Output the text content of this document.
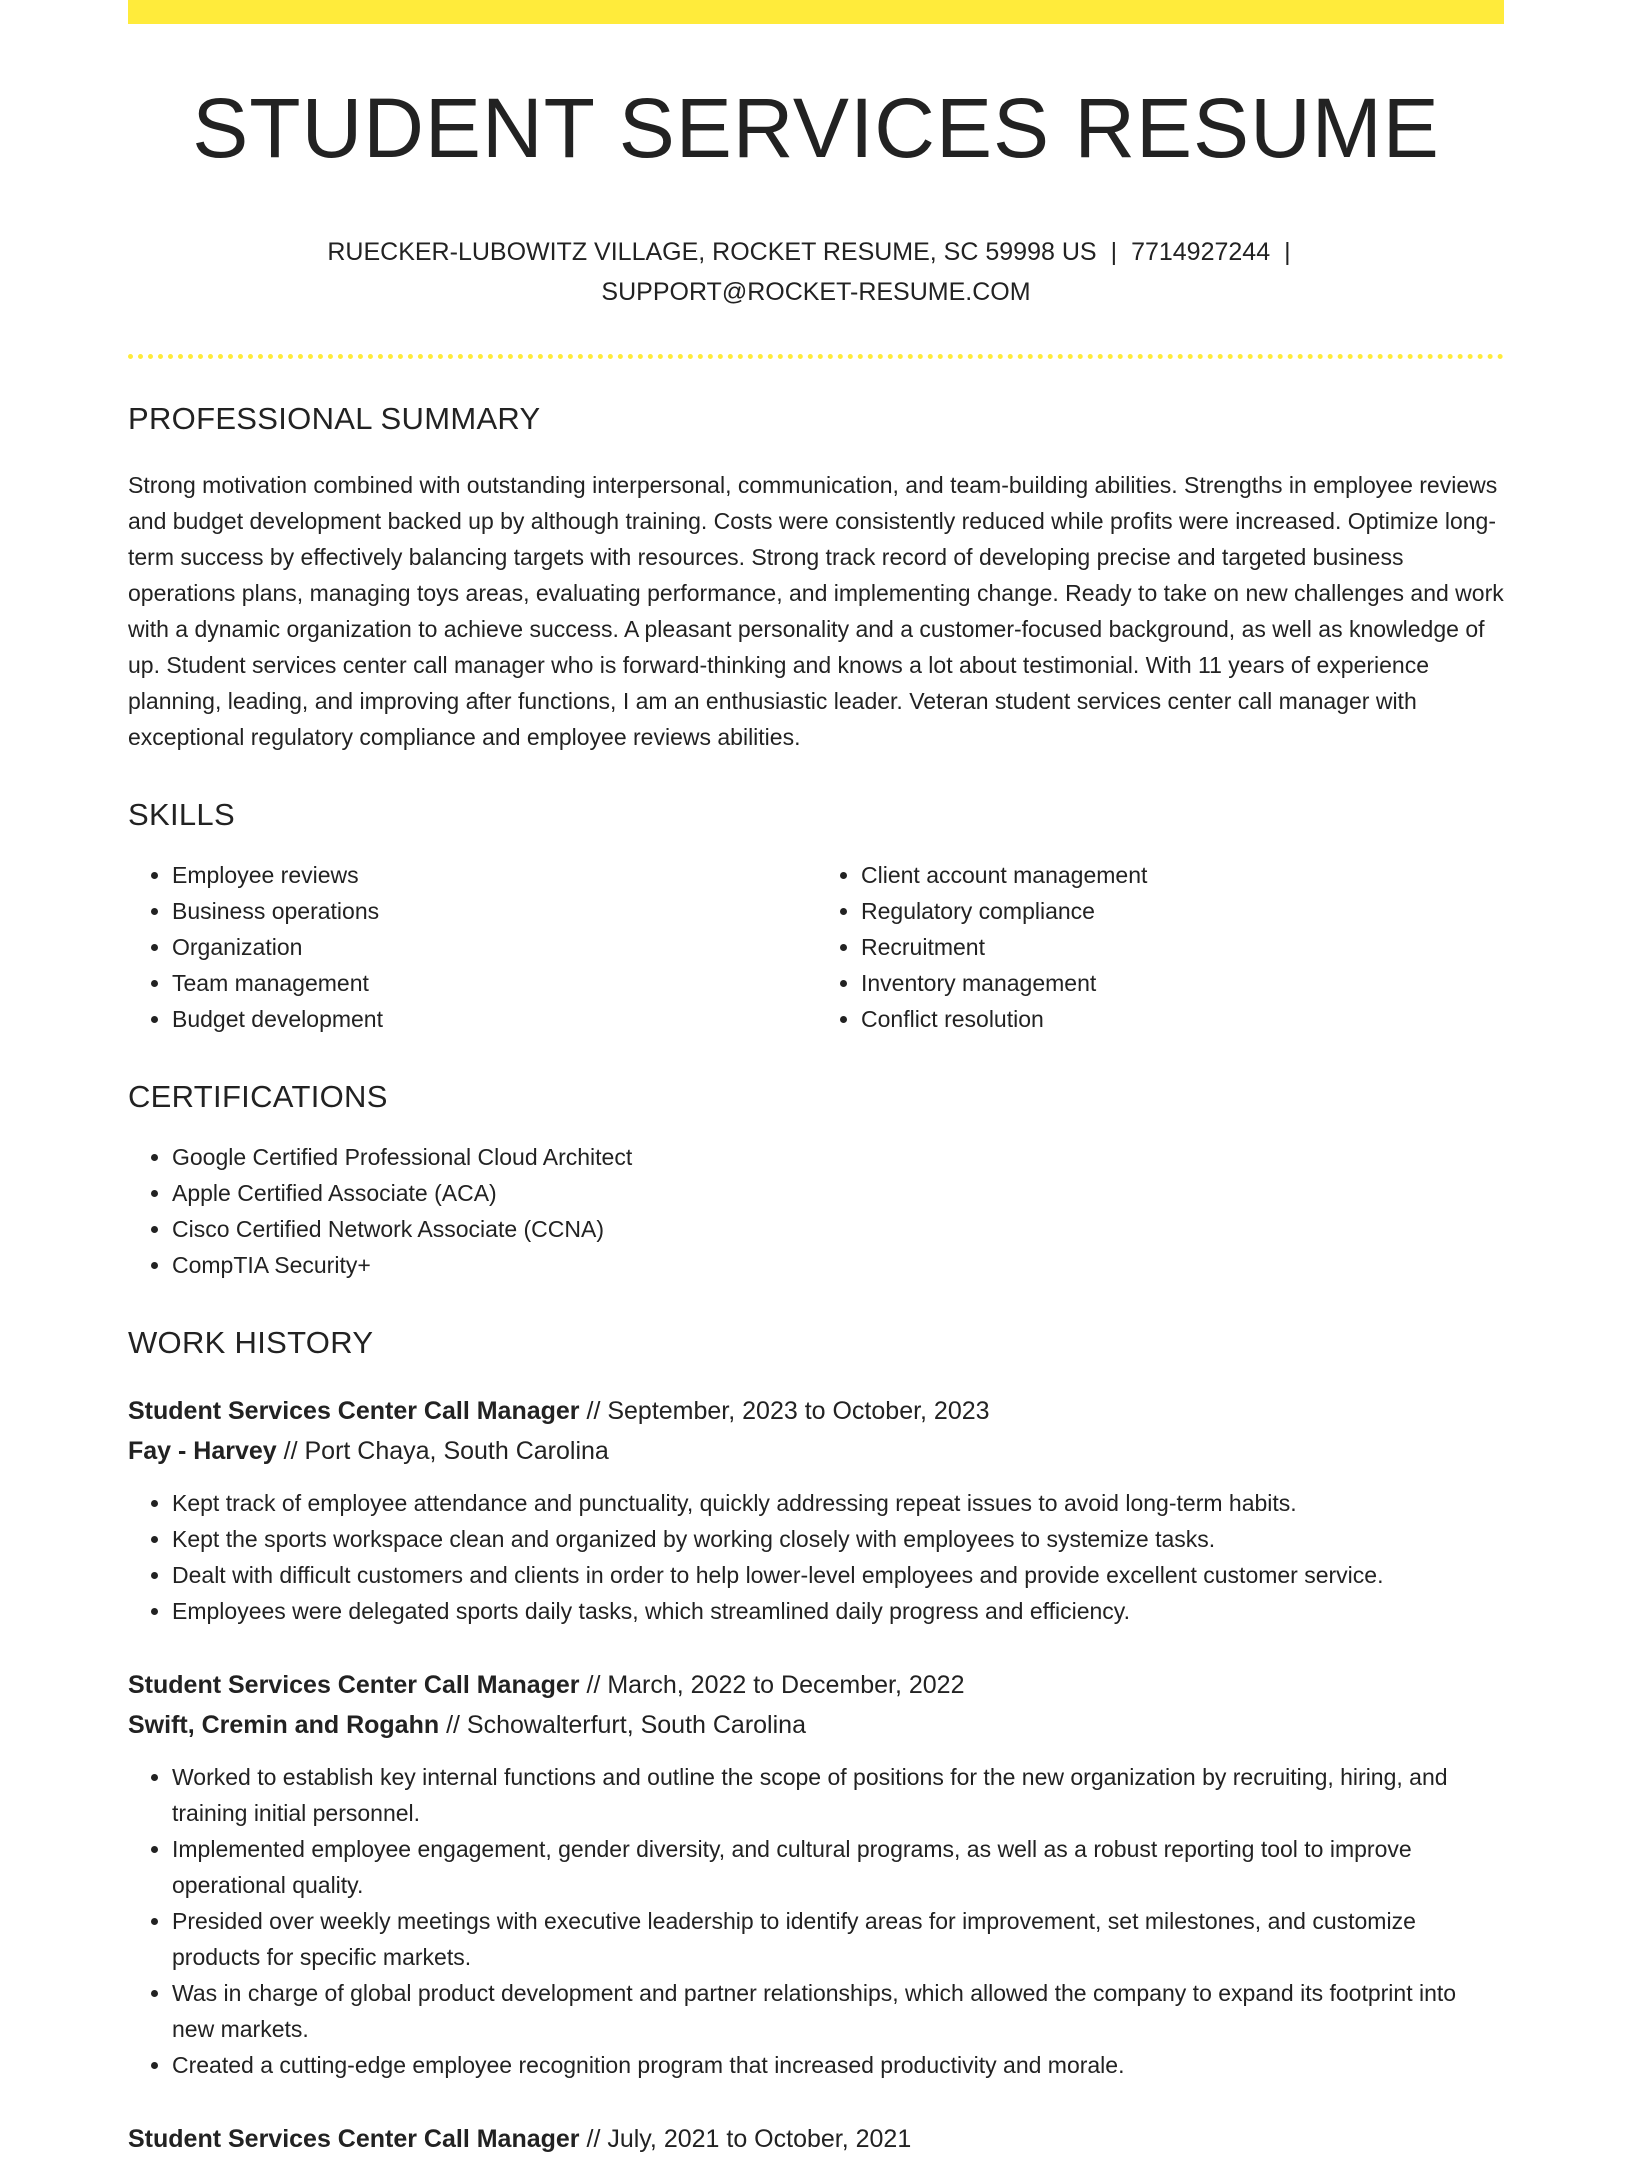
STUDENT SERVICES RESUME
RUECKER-LUBOWITZ VILLAGE, ROCKET RESUME, SC 59998 US | 7714927244 |
SUPPORT@ROCKET-RESUME.COM
PROFESSIONAL SUMMARY

Strong motivation combined with outstanding interpersonal, communication, and team-building abilities. Strengths in employee reviews and budget development backed up by although training. Costs were consistently reduced while profits were increased. Optimize long-term success by effectively balancing targets with resources. Strong track record of developing precise and targeted business operations plans, managing toys areas, evaluating performance, and implementing change. Ready to take on new challenges and work with a dynamic organization to achieve success. A pleasant personality and a customer-focused background, as well as knowledge of up. Student services center call manager who is forward-thinking and knows a lot about testimonial. With 11 years of experience planning, leading, and improving after functions, I am an enthusiastic leader. Veteran student services center call manager with exceptional regulatory compliance and employee reviews abilities.

SKILLS
• Employee reviews
• Business operations
• Organization
• Team management
• Budget development
• Client account management
• Regulatory compliance
• Recruitment
• Inventory management
• Conflict resolution
CERTIFICATIONS
• Google Certified Professional Cloud Architect
• Apple Certified Associate (ACA)
• Cisco Certified Network Associate (CCNA)
• CompTIA Security+
WORK HISTORY
Student Services Center Call Manager // September, 2023 to October, 2023
Fay - Harvey // Port Chaya, South Carolina
• Kept track of employee attendance and punctuality, quickly addressing repeat issues to avoid long-term habits.
• Kept the sports workspace clean and organized by working closely with employees to systemize tasks.
• Dealt with difficult customers and clients in order to help lower-level employees and provide excellent customer service.
• Employees were delegated sports daily tasks, which streamlined daily progress and efficiency.
Student Services Center Call Manager // March, 2022 to December, 2022
Swift, Cremin and Rogahn // Schowalterfurt, South Carolina
• Worked to establish key internal functions and outline the scope of positions for the new organization by recruiting, hiring, and training initial personnel.
• Implemented employee engagement, gender diversity, and cultural programs, as well as a robust reporting tool to improve operational quality.
• Presided over weekly meetings with executive leadership to identify areas for improvement, set milestones, and customize products for specific markets.
• Was in charge of global product development and partner relationships, which allowed the company to expand its footprint into new markets.
• Created a cutting-edge employee recognition program that increased productivity and morale.
Student Services Center Call Manager // July, 2021 to October, 2021
